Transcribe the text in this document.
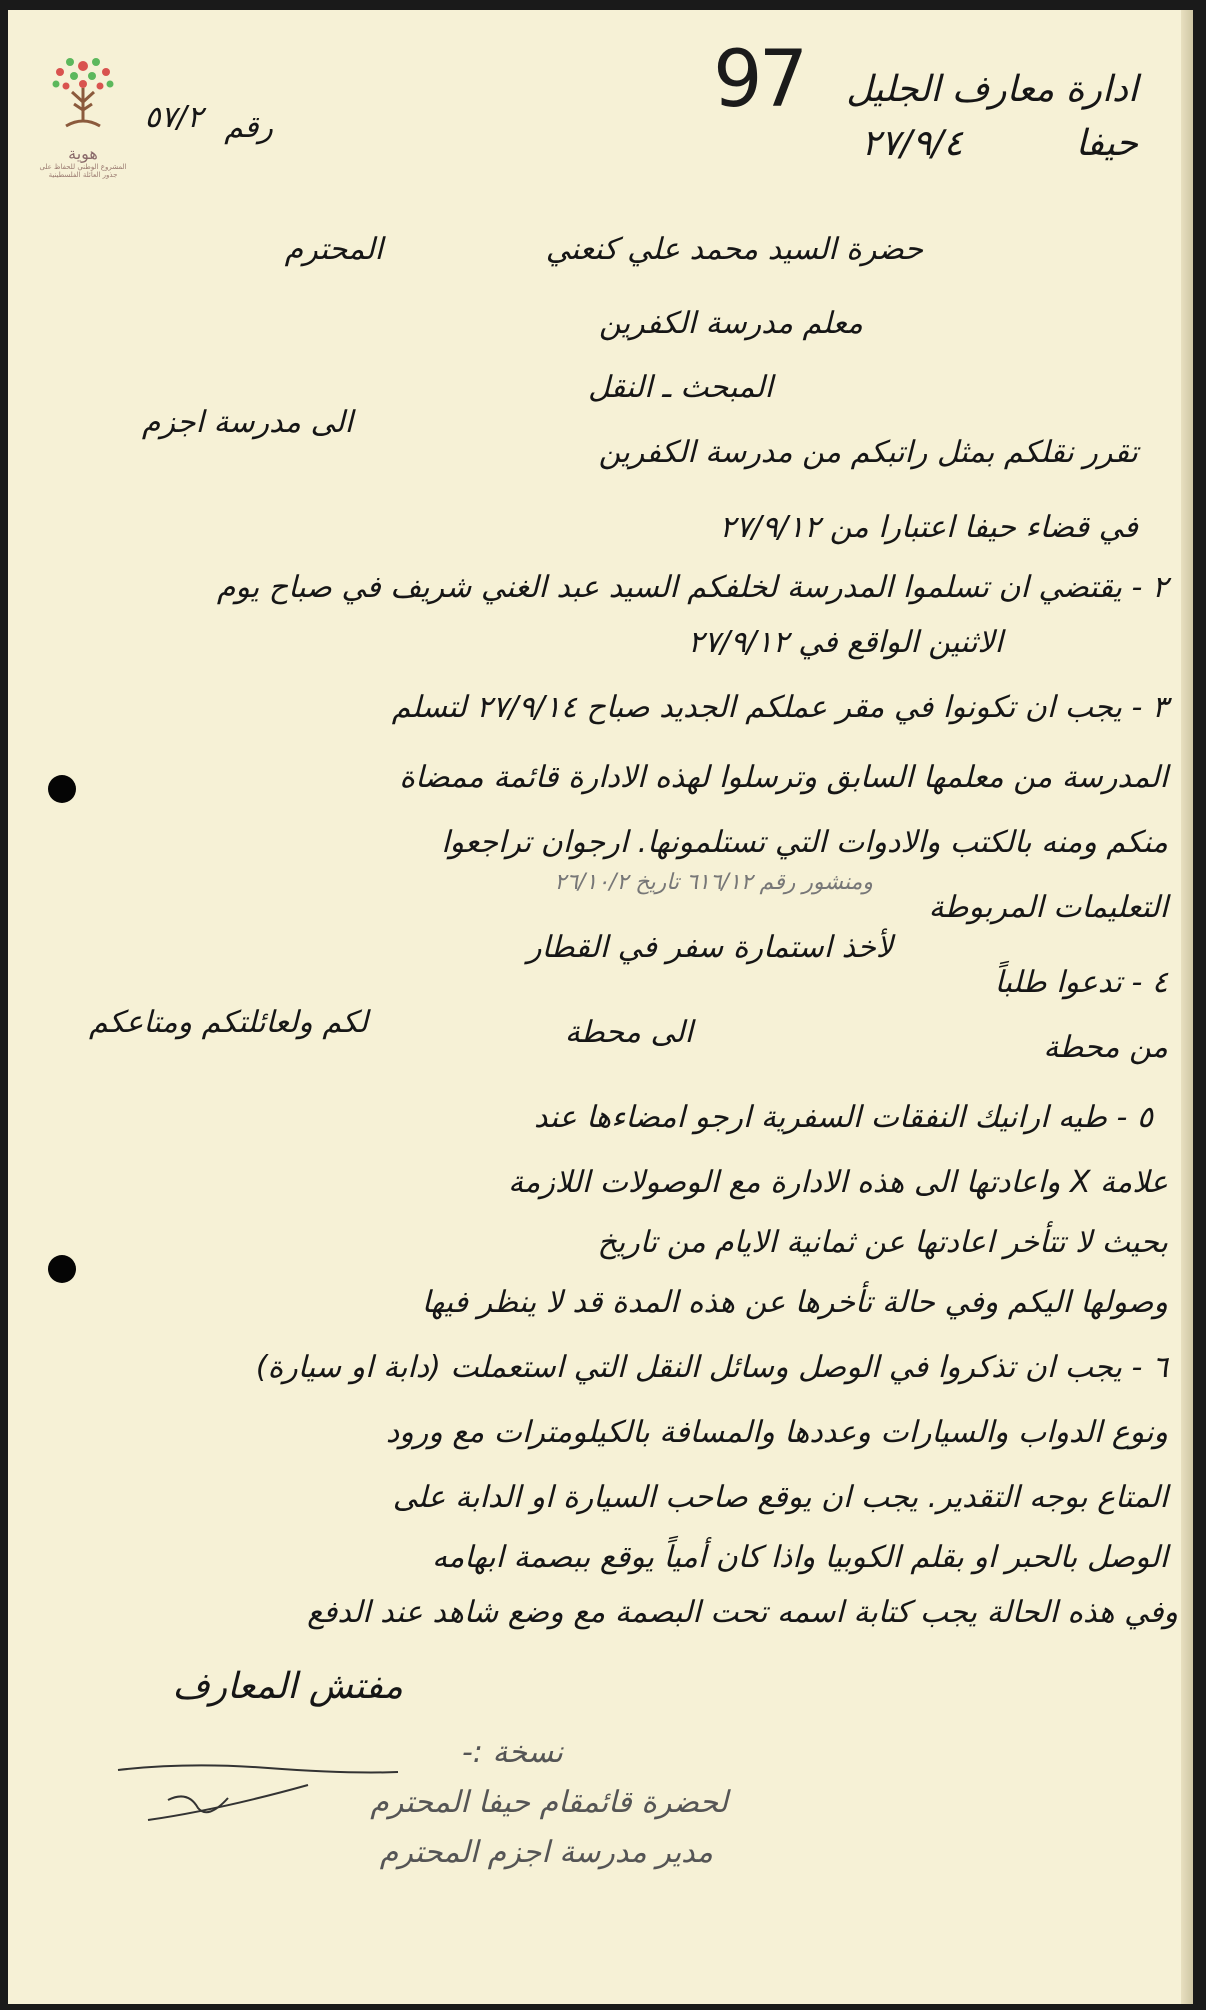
هوية
المشروع الوطني للحفاظ على جذور العائلة الفلسطينية
97 ادارة معارف الجليل
حيفا
٢٧/٩/٤
رقم
٥٧/٢
حضرة السيد محمد علي كنعني
المحترم
معلم مدرسة الكفرين
المبحث ـ النقل
تقرر نقلكم بمثل راتبكم من مدرسة الكفرين
الى مدرسة اجزم
في قضاء حيفا اعتبارا من ٢٧/٩/١٢
٢ - يقتضي ان تسلموا المدرسة لخلفكم السيد عبد الغني شريف في صباح يوم
الاثنين الواقع في ٢٧/٩/١٢
٣ - يجب ان تكونوا في مقر عملكم الجديد صباح ٢٧/٩/١٤ لتسلم
المدرسة من معلمها السابق وترسلوا لهذه الادارة قائمة ممضاة
منكم ومنه بالكتب والادوات التي تستلمونها. ارجوان تراجعوا
التعليمات المربوطة
ومنشور رقم ٦١٦/١٢ تاريخ ٢٦/١٠/٢
٤ - تدعوا طلباً
لأخذ استمارة سفر في القطار
من محطة
الى محطة
لكم ولعائلتكم ومتاعكم
٥ - طيه ارانيك النفقات السفرية ارجو امضاءها عند
علامة X واعادتها الى هذه الادارة مع الوصولات اللازمة
بحيث لا تتأخر اعادتها عن ثمانية الايام من تاريخ
وصولها اليكم وفي حالة تأخرها عن هذه المدة قد لا ينظر فيها
٦ - يجب ان تذكروا في الوصل وسائل النقل التي استعملت (دابة او سيارة)
ونوع الدواب والسيارات وعددها والمسافة بالكيلومترات مع ورود
المتاع بوجه التقدير. يجب ان يوقع صاحب السيارة او الدابة على
الوصل بالحبر او بقلم الكوبيا واذا كان أمياً يوقع ببصمة ابهامه
وفي هذه الحالة يجب كتابة اسمه تحت البصمة مع وضع شاهد عند الدفع
مفتش المعارف
نسخة :-
لحضرة قائمقام حيفا المحترم
مدير مدرسة اجزم المحترم
